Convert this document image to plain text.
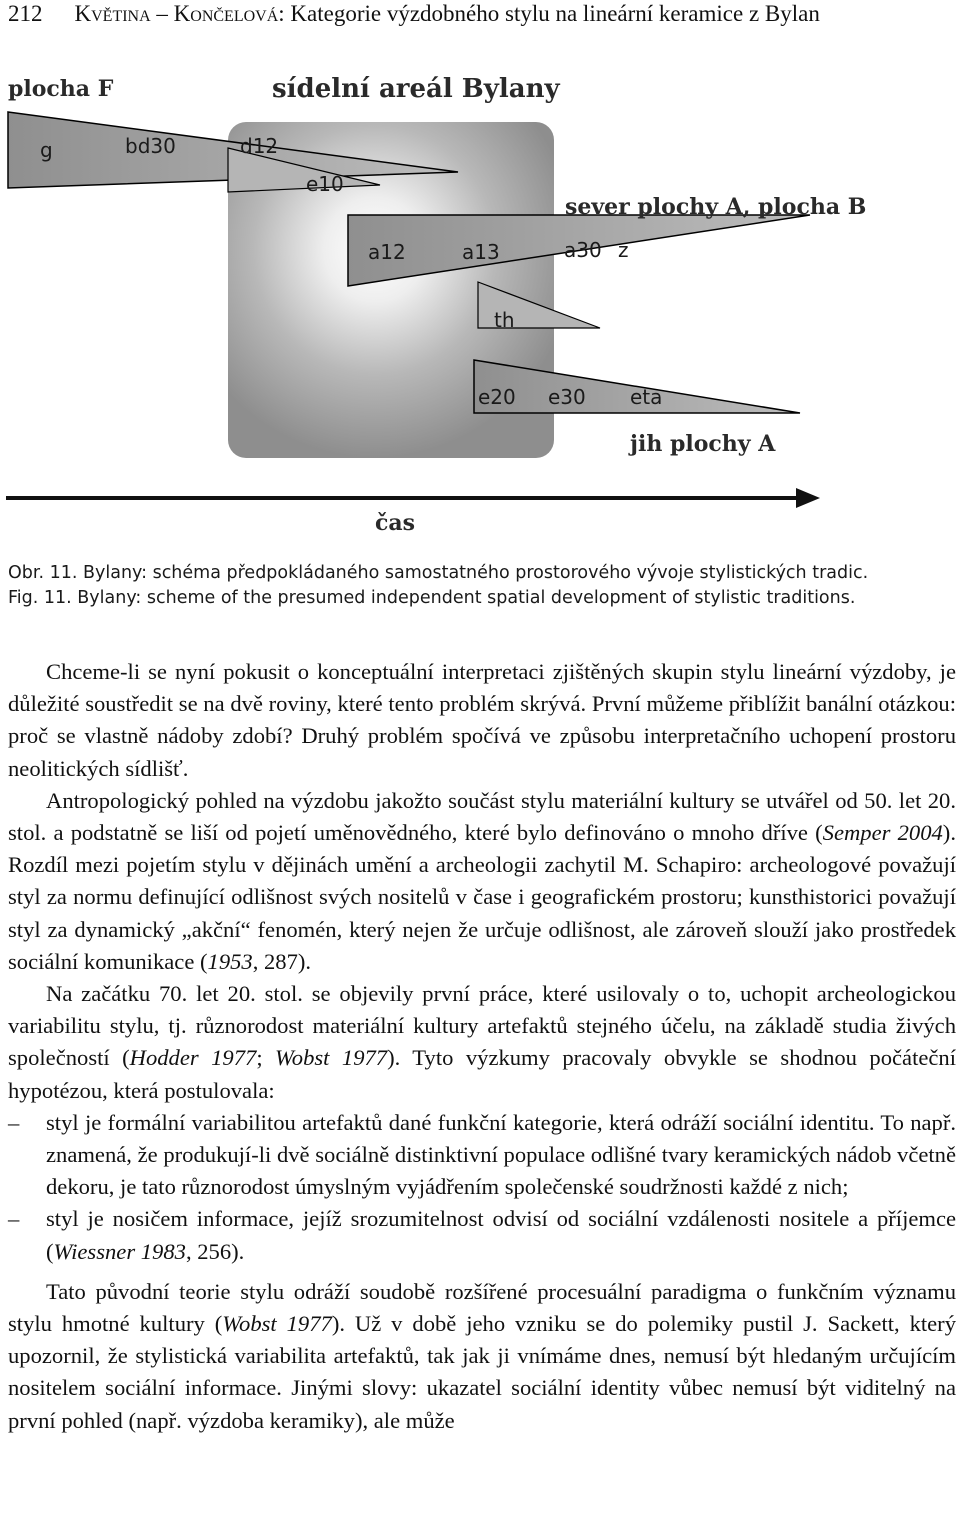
212 Květina – Končelová: Kategorie výzdobného stylu na lineární keramice z Bylan
plocha F	sídelní areál Bylany
sever plochy A, plocha B
jih plochy A
čas
g	bd30	d12
e10
a12	a13	a30 z
th
e20 e30 eta
Obr. 11. Bylany: schéma předpokládaného samostatného prostorového vývoje stylistických tradic.
Fig. 11. Bylany: scheme of the presumed independent spatial development of stylistic traditions.

Chceme-li se nyní pokusit o konceptuální interpretaci zjištěných skupin stylu lineární výzdoby, je důležité soustředit se na dvě roviny, které tento problém skrývá. První můžeme přiblížit banální otázkou: proč se vlastně nádoby zdobí? Druhý problém spočívá ve způsobu interpretačního uchopení prostoru neolitických sídlišť.

Antropologický pohled na výzdobu jakožto součást stylu materiální kultury se utvářel od 50. let 20. stol. a podstatně se liší od pojetí uměnovědného, které bylo definováno o mnoho dříve (Semper 2004). Rozdíl mezi pojetím stylu v dějinách umění a archeologii zachytil M. Schapiro: archeologové považují styl za normu definující odlišnost svých nositelů v čase i geografickém prostoru; kunsthistorici považují styl za dynamický „akční“ fenomén, který nejen že určuje odlišnost, ale zároveň slouží jako prostředek sociální komunikace (1953, 287).

Na začátku 70. let 20. stol. se objevily první práce, které usilovaly o to, uchopit archeologickou variabilitu stylu, tj. různorodost materiální kultury artefaktů stejného účelu, na základě studia živých společností (Hodder 1977; Wobst 1977). Tyto výzkumy pracovaly obvykle se shodnou počáteční hypotézou, která postulovala:

–	styl je formální variabilitou artefaktů dané funkční kategorie, která odráží sociální identitu. To např. znamená, že produkují-li dvě sociálně distinktivní populace odlišné tvary keramických nádob včetně dekoru, je tato různorodost úmyslným vyjádřením společenské soudržnosti každé z nich;
–	styl je nosičem informace, jejíž srozumitelnost odvisí od sociální vzdálenosti nositele a příjemce (Wiessner 1983, 256).

Tato původní teorie stylu odráží soudobě rozšířené procesuální paradigma o funkčním významu stylu hmotné kultury (Wobst 1977). Už v době jeho vzniku se do polemiky pustil J. Sackett, který upozornil, že stylistická variabilita artefaktů, tak jak ji vnímáme dnes, nemusí být hledaným určujícím nositelem sociální informace. Jinými slovy: ukazatel sociální identity vůbec nemusí být viditelný na první pohled (např. výzdoba keramiky), ale může
